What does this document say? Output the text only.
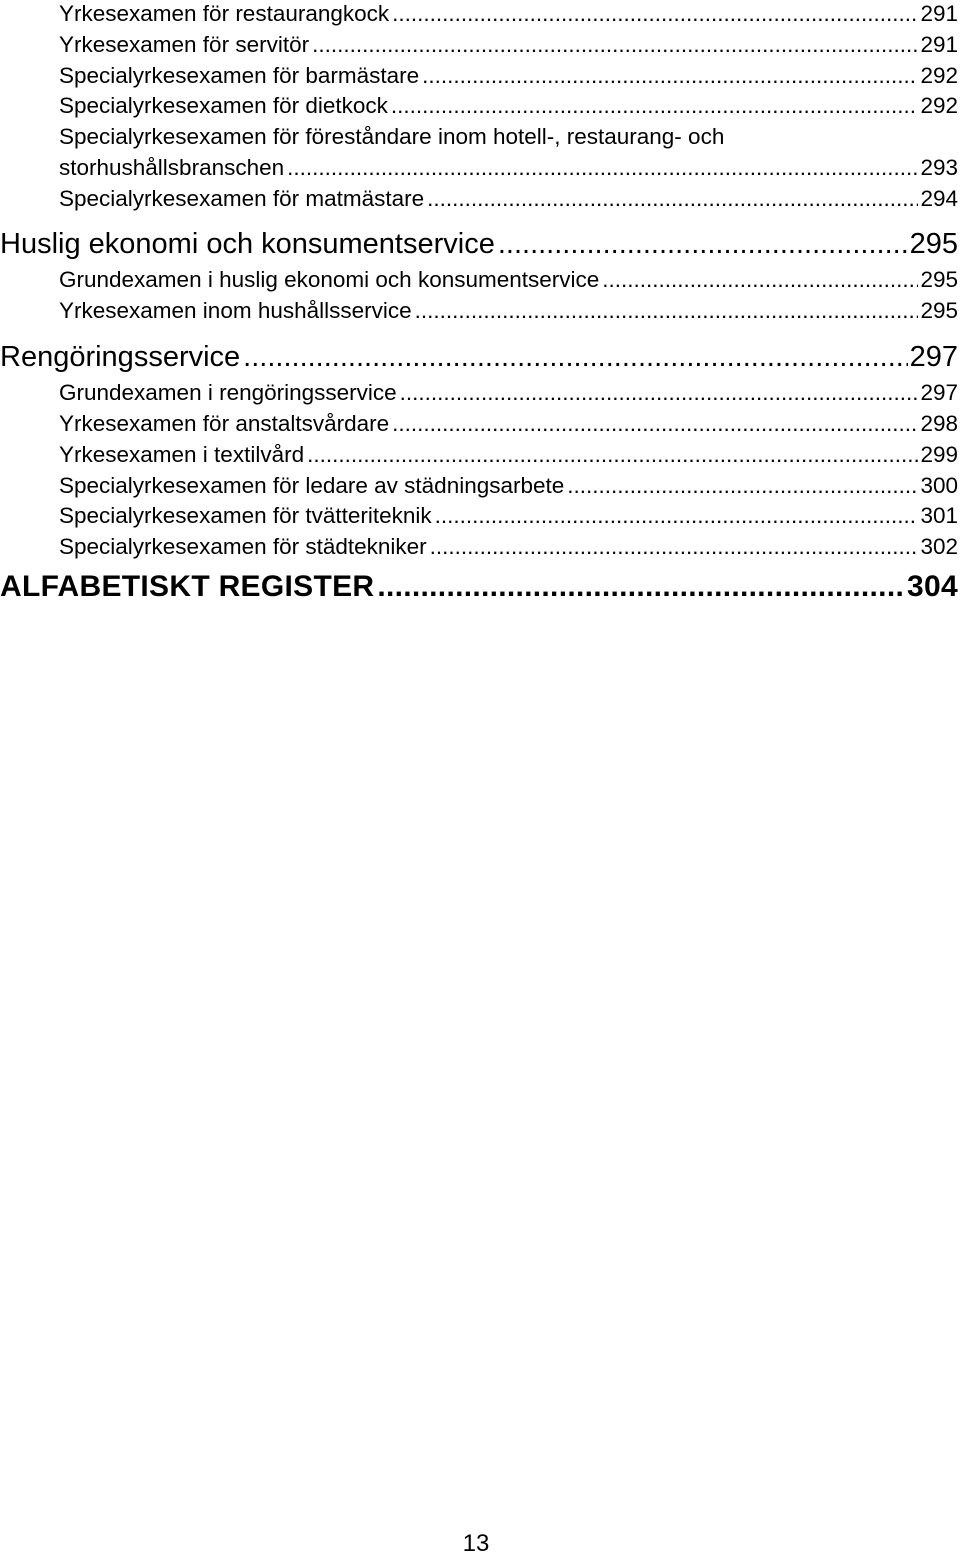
Yrkesexamen för restaurangkock .....	291
Yrkesexamen för servitör .....	291
Specialyrkesexamen för barmästare .....	292
Specialyrkesexamen för dietkock .....	292
Specialyrkesexamen för föreståndare inom hotell-, restaurang- och
storhushållsbranschen .....	293
Specialyrkesexamen för matmästare .....	294
Huslig ekonomi och konsumentservice .....	295
Grundexamen i huslig ekonomi och konsumentservice .....	295
Yrkesexamen inom hushållsservice .....	295
Rengöringsservice .....	297
Grundexamen i rengöringsservice .....	297
Yrkesexamen för anstaltsvårdare .....	298
Yrkesexamen i textilvård .....	299
Specialyrkesexamen för ledare av städningsarbete .....	300
Specialyrkesexamen för tvätteriteknik .....	301
Specialyrkesexamen för städtekniker .....	302
ALFABETISKT REGISTER .....	304
13
